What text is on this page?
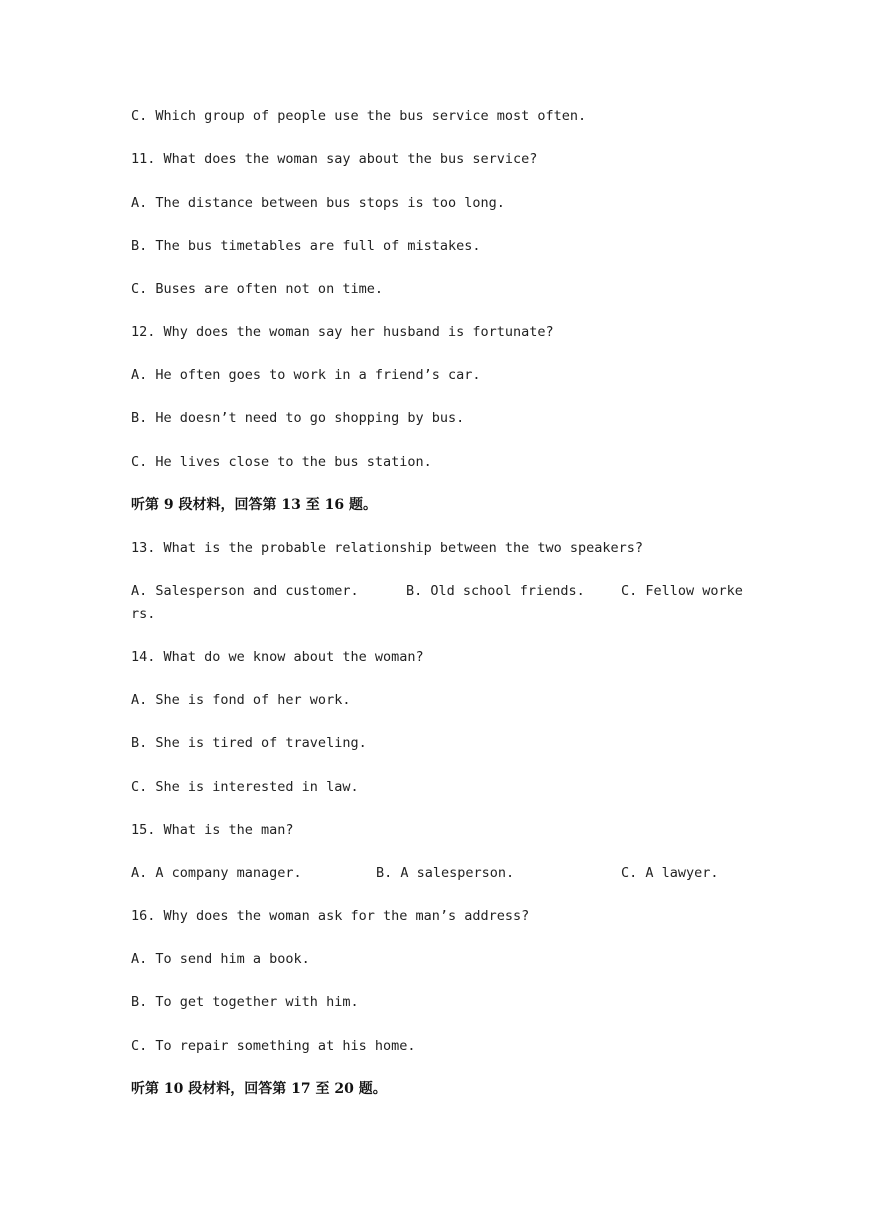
C. Which group of people use the bus service most often.
11. What does the woman say about the bus service?
A. The distance between bus stops is too long.
B. The bus timetables are full of mistakes.
C. Buses are often not on time.
12. Why does the woman say her husband is fortunate?
A. He often goes to work in a friend’s car.
B. He doesn’t need to go shopping by bus.
C. He lives close to the bus station.
听第 9 段材料，回答第 13 至 16 题。
13. What is the probable relationship between the two speakers?
A. Salesperson and customer.	B. Old school friends.	C. Fellow worke
rs.
14. What do we know about the woman?
A. She is fond of her work.
B. She is tired of traveling.
C. She is interested in law.
15. What is the man?
A. A company manager.	B. A salesperson.	C. A lawyer.
16. Why does the woman ask for the man’s address?
A. To send him a book.
B. To get together with him.
C. To repair something at his home.
听第 10 段材料，回答第 17 至 20 题。
